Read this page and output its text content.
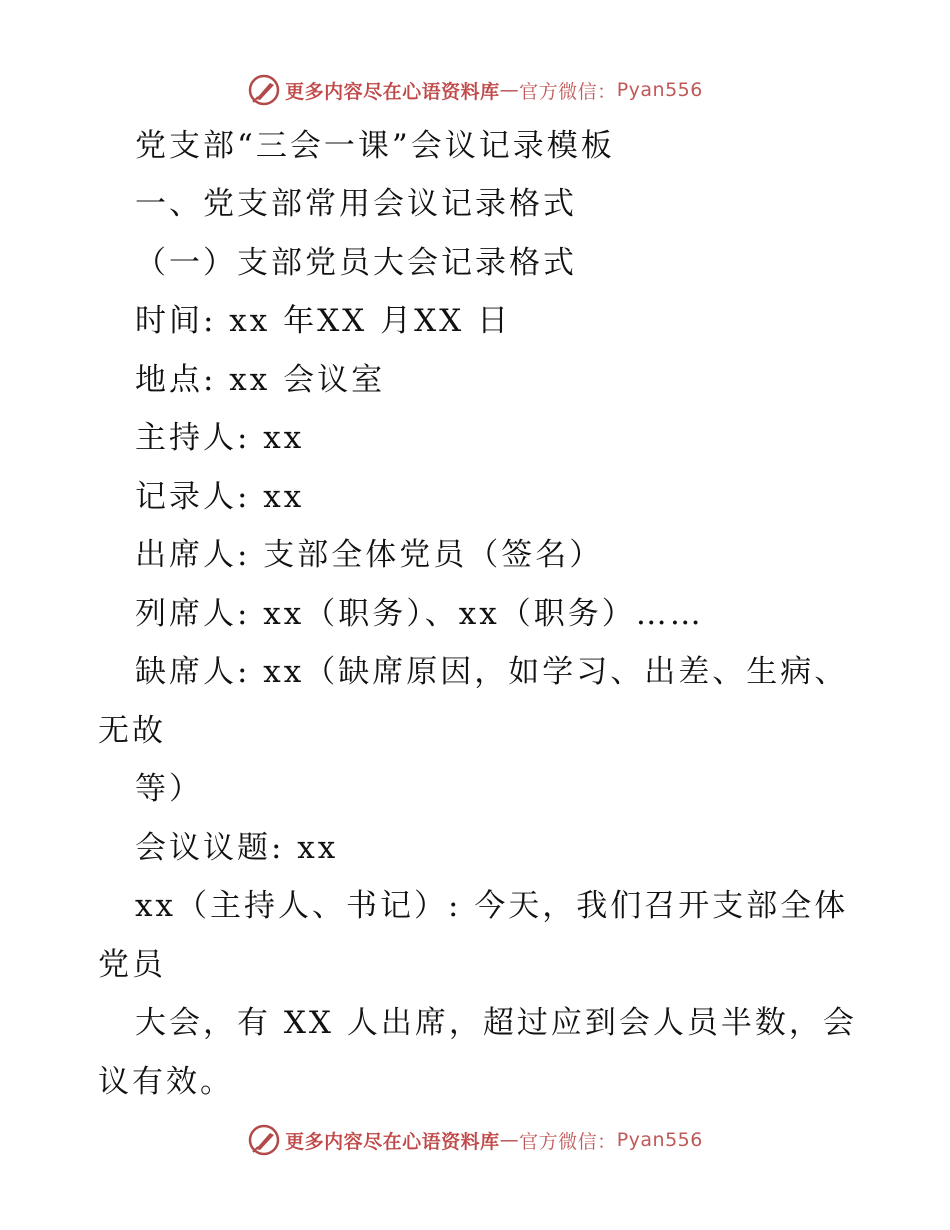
更多内容尽在心语资料库 — 官方微信： Pyan556
党支部“三会一课”会议记录模板
一、党支部常用会议记录格式
（一）支部党员大会记录格式
时间: xx 年XX 月XX 日
地点: xx 会议室
主持人: xx
记录人: xx
出席人: 支部全体党员（签名）
列席人: xx（职务）、xx（职务）……
缺席人: xx（缺席原因，如学习、出差、生病、
无故
等）
会议议题: xx
xx（主持人、书记）: 今天，我们召开支部全体
党员
大会，有 XX 人出席，超过应到会人员半数，会
议有效。
更多内容尽在心语资料库 — 官方微信： Pyan556
